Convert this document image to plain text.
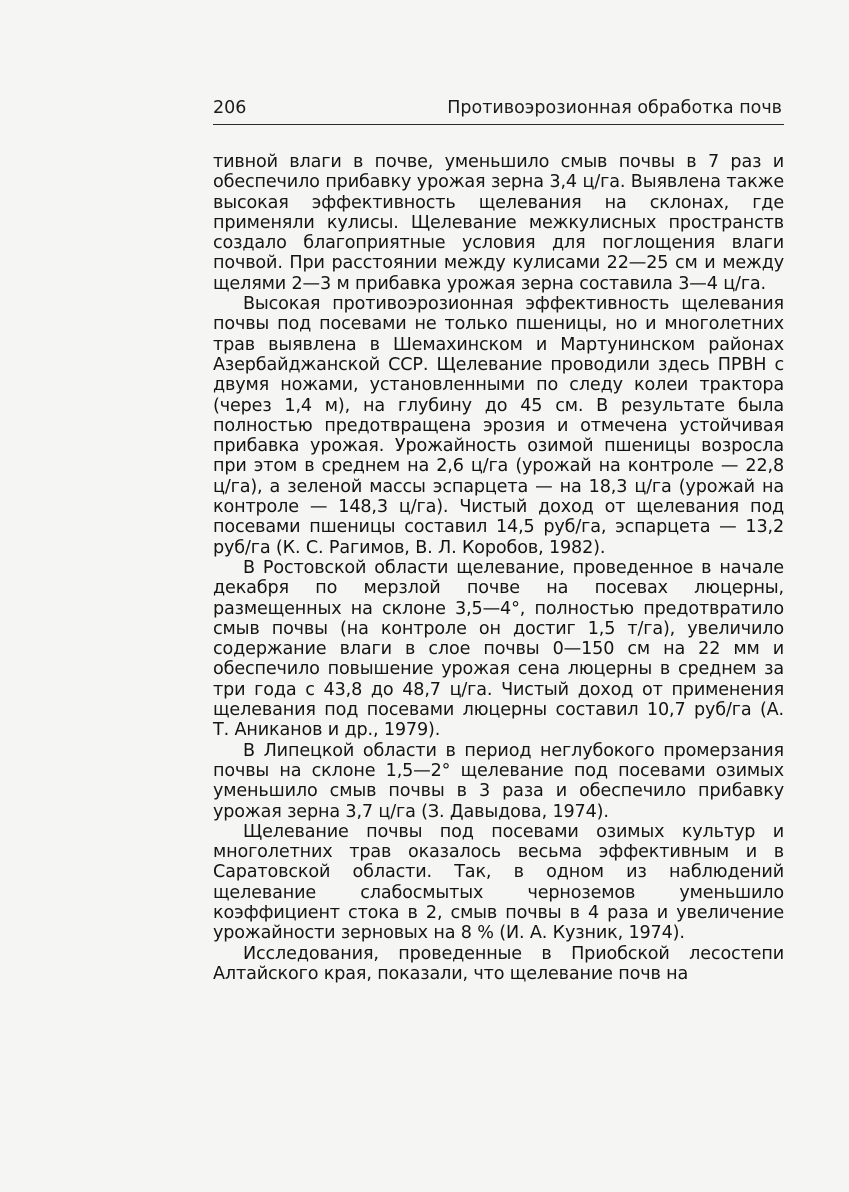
206	Противоэрозионная обработка почв

тивной влаги в почве, уменьшило смыв почвы в 7 раз и обеспечило прибавку урожая зерна 3,4 ц/га. Выявлена также высокая эффективность щелевания на склонах, где применяли кулисы. Щелевание межкулисных пространств создало благоприятные условия для поглощения влаги почвой. При расстоянии между кулисами 22—25 см и между щелями 2—3 м прибавка урожая зерна составила 3—4 ц/га.

Высокая противоэрозионная эффективность щелевания почвы под посевами не только пшеницы, но и многолетних трав выявлена в Шемахинском и Мартунинском районах Азербайджанской ССР. Щелевание проводили здесь ПРВН с двумя ножами, установленными по следу колеи трактора (через 1,4 м), на глубину до 45 см. В результате была полностью предотвращена эрозия и отмечена устойчивая прибавка урожая. Урожайность озимой пшеницы возросла при этом в среднем на 2,6 ц/га (урожай на контроле — 22,8 ц/га), а зеленой массы эспарцета — на 18,3 ц/га (урожай на контроле — 148,3 ц/га). Чистый доход от щелевания под посевами пшеницы составил 14,5 руб/га, эспарцета — 13,2 руб/га (К. С. Рагимов, В. Л. Коробов, 1982).

В Ростовской области щелевание, проведенное в начале декабря по мерзлой почве на посевах люцерны, размещенных на склоне 3,5—4°, полностью предотвратило смыв почвы (на контроле он достиг 1,5 т/га), увеличило содержание влаги в слое почвы 0—150 см на 22 мм и обеспечило повышение урожая сена люцерны в среднем за три года с 43,8 до 48,7 ц/га. Чистый доход от применения щелевания под посевами люцерны составил 10,7 руб/га (А. Т. Аниканов и др., 1979).

В Липецкой области в период неглубокого промерзания почвы на склоне 1,5—2° щелевание под посевами озимых уменьшило смыв почвы в 3 раза и обеспечило прибавку урожая зерна 3,7 ц/га (З. Давыдова, 1974).

Щелевание почвы под посевами озимых культур и многолетних трав оказалось весьма эффективным и в Саратовской области. Так, в одном из наблюдений щелевание слабосмытых черноземов уменьшило коэффициент стока в 2, смыв почвы в 4 раза и увеличение урожайности зерновых на 8 % (И. А. Кузник, 1974).

Исследования, проведенные в Приобской лесостепи Алтайского края, показали, что щелевание почв на
